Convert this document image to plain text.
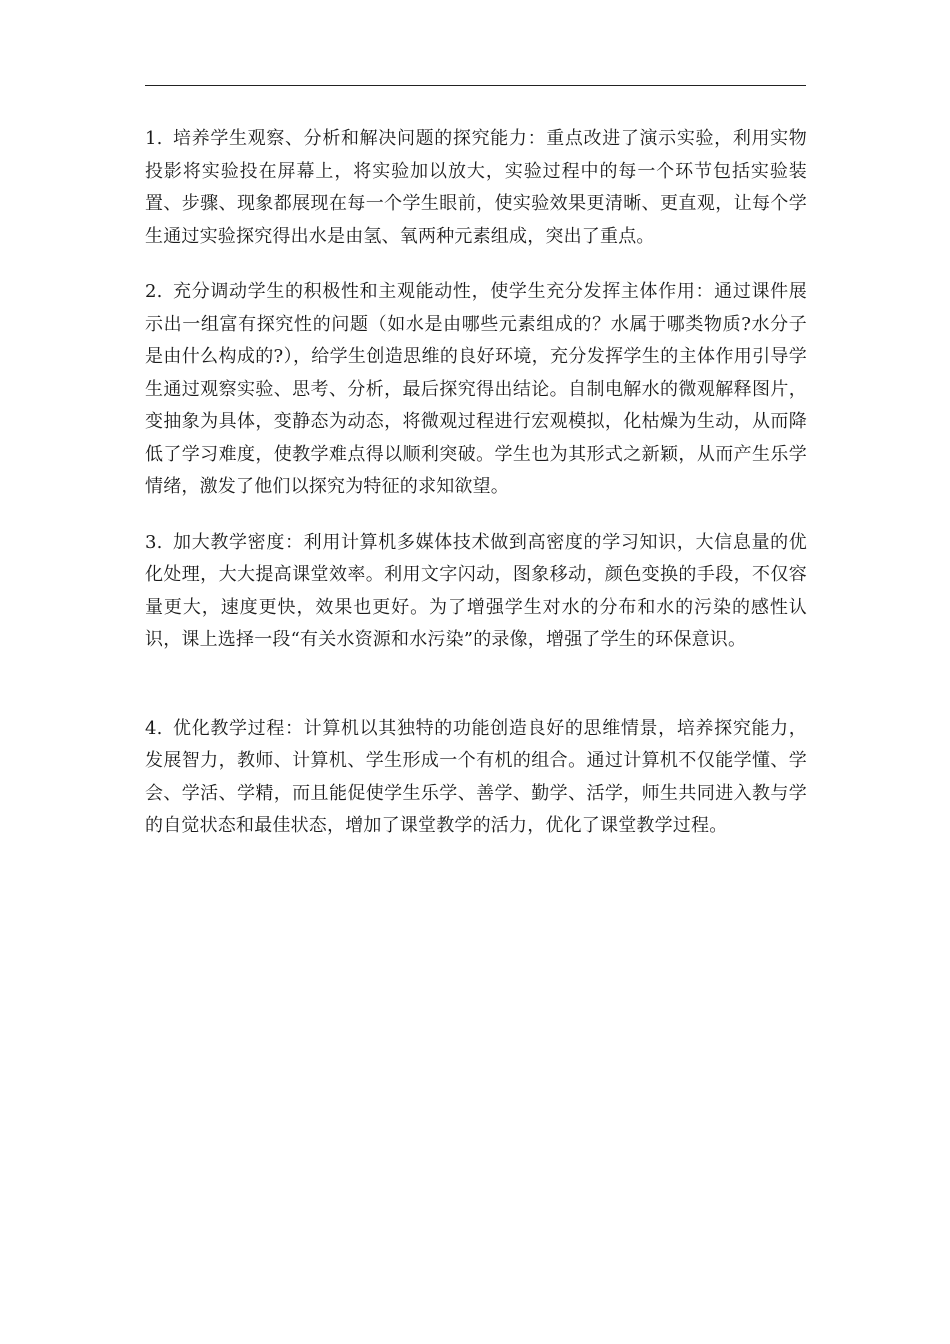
1. 培养学生观察、分析和解决问题的探究能力：重点改进了演示实验，利用实物投影将实验投在屏幕上，将实验加以放大，实验过程中的每一个环节包括实验装置、步骤、现象都展现在每一个学生眼前，使实验效果更清晰、更直观，让每个学生通过实验探究得出水是由氢、氧两种元素组成，突出了重点。

2. 充分调动学生的积极性和主观能动性，使学生充分发挥主体作用：通过课件展示出一组富有探究性的问题（如水是由哪些元素组成的？水属于哪类物质?水分子是由什么构成的?），给学生创造思维的良好环境，充分发挥学生的主体作用引导学生通过观察实验、思考、分析，最后探究得出结论。自制电解水的微观解释图片，变抽象为具体，变静态为动态，将微观过程进行宏观模拟，化枯燥为生动，从而降低了学习难度，使教学难点得以顺利突破。学生也为其形式之新颖，从而产生乐学情绪，激发了他们以探究为特征的求知欲望。

3. 加大教学密度：利用计算机多媒体技术做到高密度的学习知识，大信息量的优化处理，大大提高课堂效率。利用文字闪动，图象移动，颜色变换的手段，不仅容量更大，速度更快，效果也更好。为了增强学生对水的分布和水的污染的感性认识，课上选择一段“有关水资源和水污染”的录像，增强了学生的环保意识。

4. 优化教学过程：计算机以其独特的功能创造良好的思维情景，培养探究能力，发展智力，教师、计算机、学生形成一个有机的组合。通过计算机不仅能学懂、学会、学活、学精，而且能促使学生乐学、善学、勤学、活学，师生共同进入教与学的自觉状态和最佳状态，增加了课堂教学的活力，优化了课堂教学过程。
